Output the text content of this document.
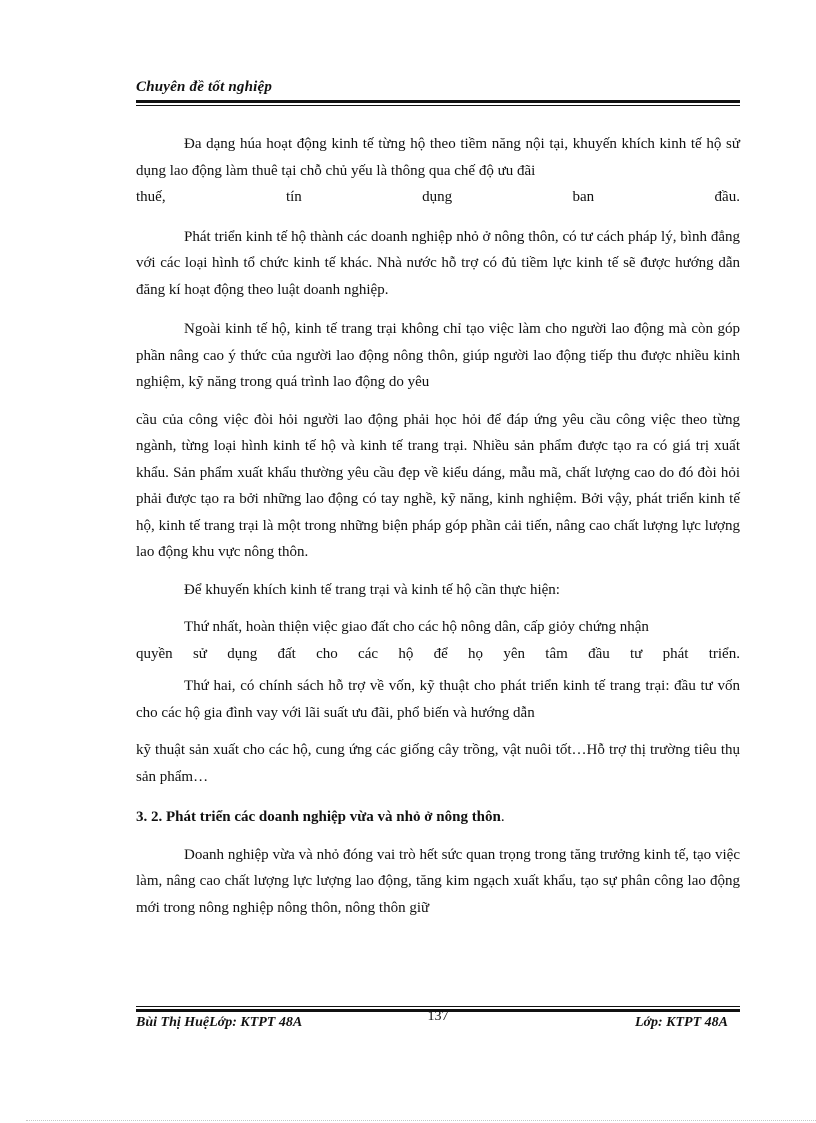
Chuyên đề tốt nghiệp

Đa dạng húa hoạt động kinh tế từng hộ theo tiềm năng nội tại, khuyến khích kinh tế hộ sử dụng lao động làm thuê tại chỗ chủ yếu là thông qua chế độ ưu đãi

thuế,	tín	dụng	ban	đầu.

Phát triển kinh tế hộ thành các doanh nghiệp nhỏ ở nông thôn, có tư cách pháp lý, bình đẳng với các loại hình tổ chức kinh tế khác. Nhà nước hỗ trợ có đủ tiềm lực kinh tế sẽ được hướng dẫn đăng kí hoạt động theo luật doanh nghiệp.

Ngoài kinh tế hộ, kinh tế trang trại không chỉ tạo việc làm cho người lao động mà còn góp phần nâng cao ý thức của người lao động nông thôn, giúp người lao động tiếp thu được nhiều kinh nghiệm, kỹ năng trong quá trình lao động do yêu

cầu của công việc đòi hỏi người lao động phải học hỏi để đáp ứng yêu cầu công việc theo từng ngành, từng loại hình kinh tế hộ và kinh tế trang trại. Nhiều sản phẩm được tạo ra có giá trị xuất khẩu. Sản phẩm xuất khẩu thường yêu cầu đẹp về kiểu dáng, mẫu mã, chất lượng cao do đó đòi hỏi phải được tạo ra bởi những lao động có tay nghề, kỹ năng, kinh nghiệm. Bởi vậy, phát triển kinh tế hộ, kinh tế trang trại là một trong những biện pháp góp phần cải tiến, nâng cao chất lượng lực lượng lao động khu vực nông thôn.

Để khuyến khích kinh tế trang trại và kinh tế hộ cần thực hiện:

Thứ nhất, hoàn thiện việc giao đất cho các hộ nông dân, cấp giỏy chứng nhận

quyền sử dụng đất cho các hộ để họ yên tâm đầu tư phát triển.

Thứ hai, có chính sách hỗ trợ về vốn, kỹ thuật cho phát triển kinh tế trang trại: đầu tư vốn cho các hộ gia đình vay với lãi suất ưu đãi, phổ biến và hướng dẫn

kỹ thuật sản xuất cho các hộ, cung ứng các giống cây trồng, vật nuôi tốt…Hỗ trợ thị trường tiêu thụ sản phẩm…

3. 2. Phát triển các doanh nghiệp vừa và nhỏ ở nông thôn.

Doanh nghiệp vừa và nhỏ đóng vai trò hết sức quan trọng trong tăng trưởng kinh tế, tạo việc làm, nâng cao chất lượng lực lượng lao động, tăng kim ngạch xuất khẩu, tạo sự phân công lao động mới trong nông nghiệp nông thôn, nông thôn giữ

Bùi Thị HuệLớp: KTPT 48A	137	Lớp: KTPT 48A
